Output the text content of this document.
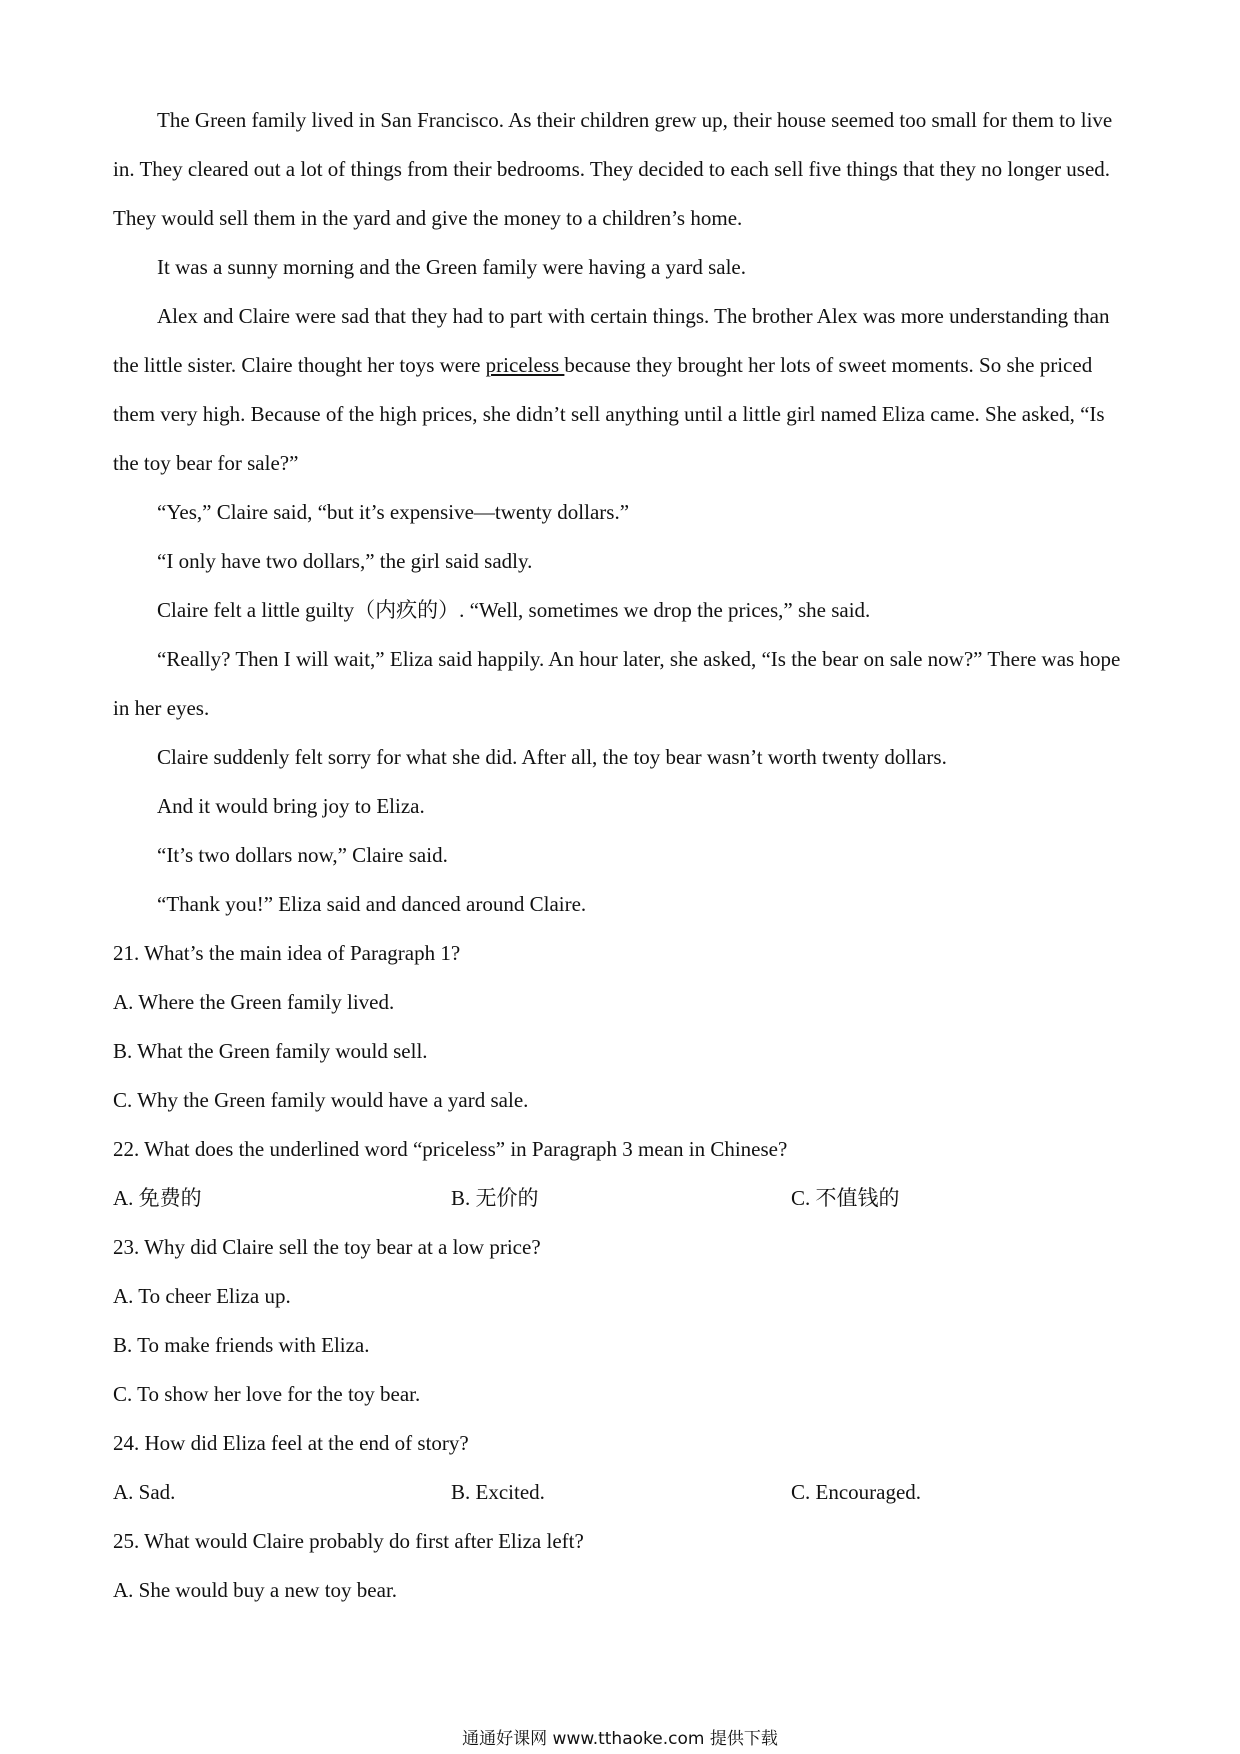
The Green family lived in San Francisco. As their children grew up, their house seemed too small for them to live in. They cleared out a lot of things from their bedrooms. They decided to each sell five things that they no longer used. They would sell them in the yard and give the money to a children’s home.

It was a sunny morning and the Green family were having a yard sale.

Alex and Claire were sad that they had to part with certain things. The brother Alex was more understanding than the little sister. Claire thought her toys were priceless because they brought her lots of sweet moments. So she priced them very high. Because of the high prices, she didn’t sell anything until a little girl named Eliza came. She asked, “Is the toy bear for sale?”

“Yes,” Claire said, “but it’s expensive—twenty dollars.”

“I only have two dollars,” the girl said sadly.

Claire felt a little guilty（内疚的）. “Well, sometimes we drop the prices,” she said.

“Really? Then I will wait,” Eliza said happily. An hour later, she asked, “Is the bear on sale now?” There was hope in her eyes.

Claire suddenly felt sorry for what she did. After all, the toy bear wasn’t worth twenty dollars.

And it would bring joy to Eliza.

“It’s two dollars now,” Claire said.

“Thank you!” Eliza said and danced around Claire.

21. What’s the main idea of Paragraph 1?

A. Where the Green family lived.

B. What the Green family would sell.

C. Why the Green family would have a yard sale.

22. What does the underlined word “priceless” in Paragraph 3 mean in Chinese?

A. 免费的	B. 无价的	C. 不值钱的

23. Why did Claire sell the toy bear at a low price?

A. To cheer Eliza up.

B. To make friends with Eliza.

C. To show her love for the toy bear.

24. How did Eliza feel at the end of story?

A. Sad.	B. Excited.	C. Encouraged.

25. What would Claire probably do first after Eliza left?

A. She would buy a new toy bear.

通通好课网 www.tthaoke.com 提供下载
